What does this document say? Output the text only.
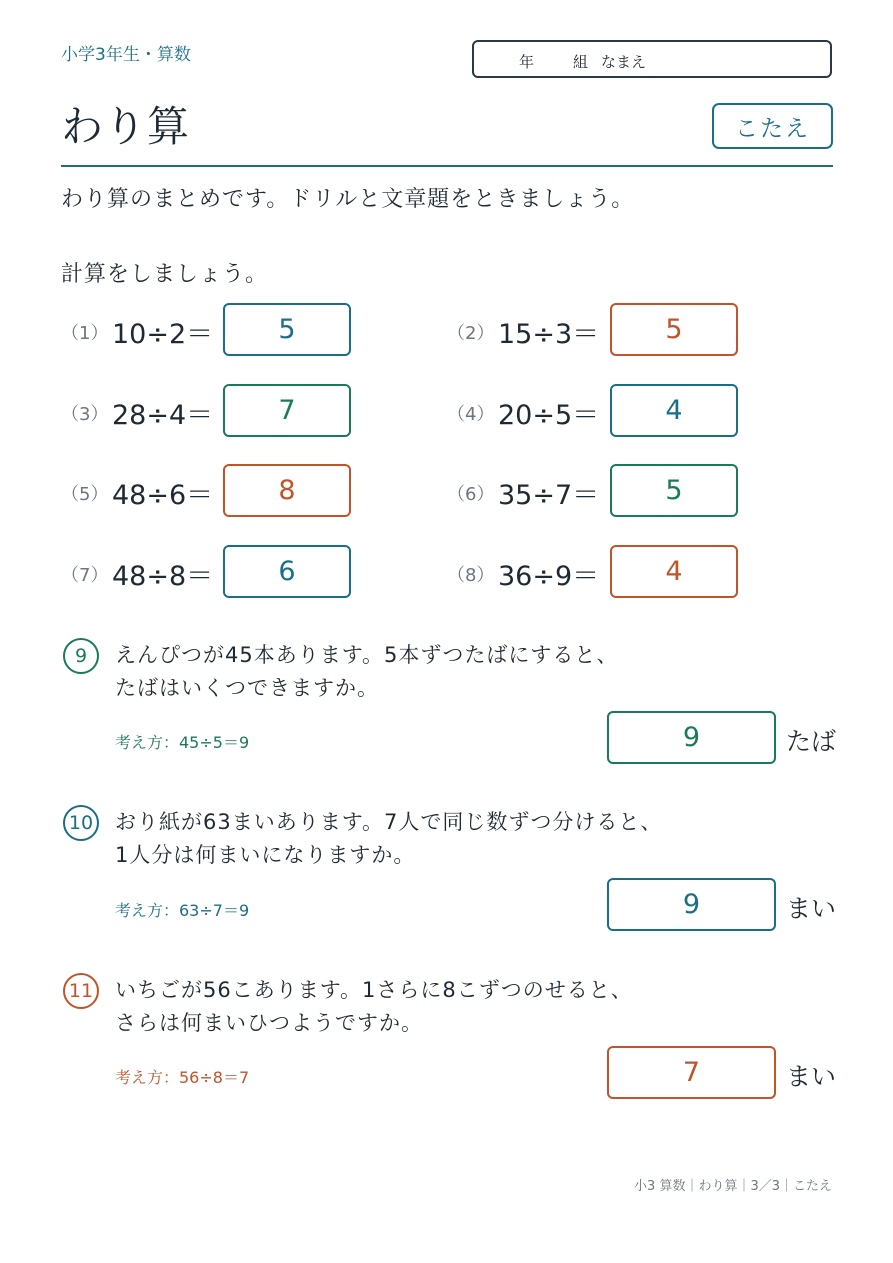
小学3年生・算数	年	組 なまえ
わり算	こたえ
わり算のまとめです。ドリルと文章題をときましょう。
計算をしましょう。
（1） 10÷2＝	5	（2） 15÷3＝	5
（3） 28÷4＝	7	（4） 20÷5＝	4
（5） 48÷6＝	8	（6） 35÷7＝	5
（7） 48÷8＝	6	（8） 36÷9＝	4
9	えんぴつが45本あります。5本ずつたばにすると、
たばはいくつできますか。
考え方：45÷5＝9	9	たば
10 おり紙が63まいあります。7人で同じ数ずつ分けると、
1人分は何まいになりますか。
考え方：63÷7＝9	9	まい
11 いちごが56こあります。1さらに8こずつのせると、
さらは何まいひつようですか。
考え方：56÷8＝7	7	まい
小3 算数｜わり算｜3／3｜こたえ
